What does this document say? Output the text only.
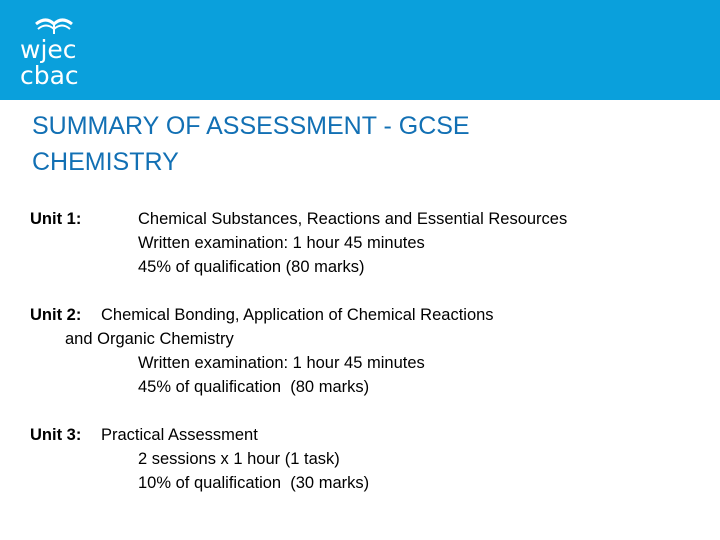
wjec
cbac
SUMMARY OF ASSESSMENT - GCSE
CHEMISTRY
Unit 1:	Chemical Substances, Reactions and Essential Resources
Written examination: 1 hour 45 minutes
45% of qualification (80 marks)
Unit 2: Chemical Bonding, Application of Chemical Reactions
and Organic Chemistry
Written examination: 1 hour 45 minutes
45% of qualification  (80 marks)
Unit 3: Practical Assessment
2 sessions x 1 hour (1 task)
10% of qualification  (30 marks)
